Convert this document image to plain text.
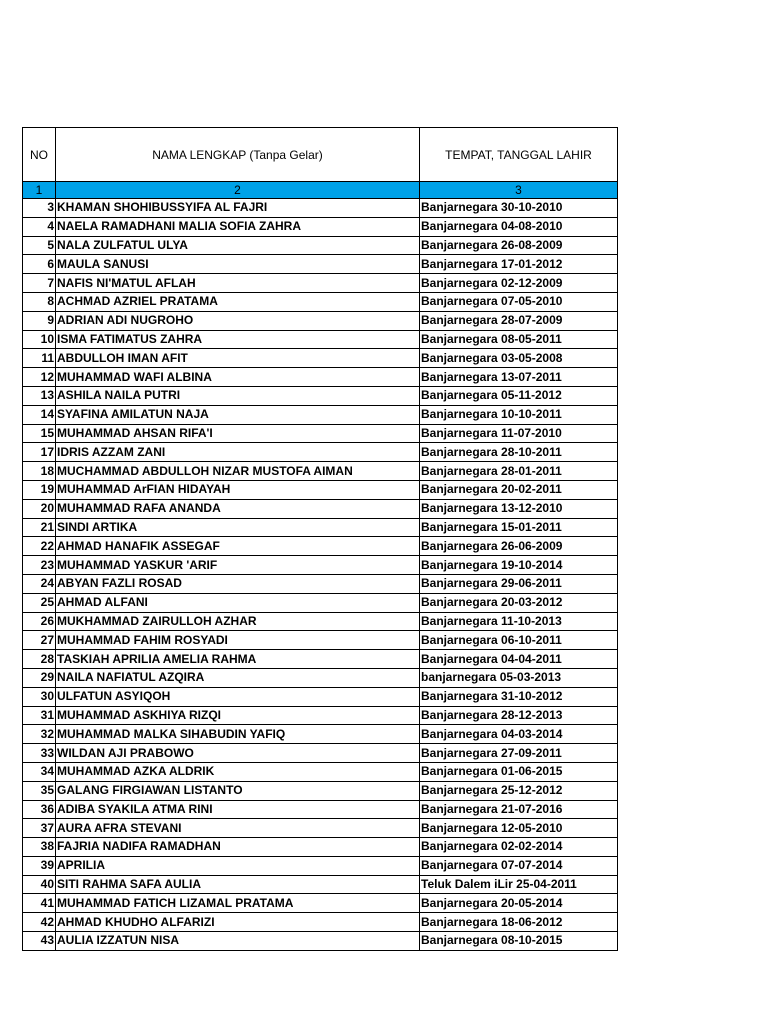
NO	NAMA LENGKAP (Tanpa Gelar)	TEMPAT, TANGGAL LAHIR
1	2	3
3	KHAMAN SHOHIBUSSYIFA AL FAJRI	Banjarnegara 30-10-2010
4	NAELA RAMADHANI MALIA SOFIA ZAHRA	Banjarnegara 04-08-2010
5	NALA ZULFATUL ULYA	Banjarnegara 26-08-2009
6	MAULA SANUSI	Banjarnegara 17-01-2012
7	NAFIS NI'MATUL AFLAH	Banjarnegara 02-12-2009
8	ACHMAD AZRIEL PRATAMA	Banjarnegara 07-05-2010
9	ADRIAN ADI NUGROHO	Banjarnegara 28-07-2009
10	ISMA FATIMATUS ZAHRA	Banjarnegara 08-05-2011
11	ABDULLOH IMAN AFIT	Banjarnegara 03-05-2008
12	MUHAMMAD WAFI ALBINA	Banjarnegara 13-07-2011
13	ASHILA NAILA PUTRI	Banjarnegara 05-11-2012
14	SYAFINA AMILATUN NAJA	Banjarnegara 10-10-2011
15	MUHAMMAD AHSAN RIFA'I	Banjarnegara 11-07-2010
17	IDRIS AZZAM ZANI	Banjarnegara 28-10-2011
18	MUCHAMMAD ABDULLOH NIZAR MUSTOFA AIMAN	Banjarnegara 28-01-2011
19	MUHAMMAD ArFIAN HIDAYAH	Banjarnegara 20-02-2011
20	MUHAMMAD RAFA ANANDA	Banjarnegara 13-12-2010
21	SINDI ARTIKA	Banjarnegara 15-01-2011
22	AHMAD HANAFIK ASSEGAF	Banjarnegara 26-06-2009
23	MUHAMMAD YASKUR 'ARIF	Banjarnegara 19-10-2014
24	ABYAN FAZLI ROSAD	Banjarnegara 29-06-2011
25	AHMAD ALFANI	Banjarnegara 20-03-2012
26	MUKHAMMAD ZAIRULLOH AZHAR	Banjarnegara 11-10-2013
27	MUHAMMAD FAHIM ROSYADI	Banjarnegara 06-10-2011
28	TASKIAH APRILIA AMELIA RAHMA	Banjarnegara 04-04-2011
29	NAILA NAFIATUL AZQIRA	banjarnegara 05-03-2013
30	ULFATUN ASYIQOH	Banjarnegara 31-10-2012
31	MUHAMMAD ASKHIYA RIZQI	Banjarnegara 28-12-2013
32	MUHAMMAD MALKA SIHABUDIN YAFIQ	Banjarnegara 04-03-2014
33	WILDAN AJI PRABOWO	Banjarnegara 27-09-2011
34	MUHAMMAD AZKA ALDRIK	Banjarnegara 01-06-2015
35	GALANG FIRGIAWAN LISTANTO	Banjarnegara 25-12-2012
36	ADIBA SYAKILA ATMA RINI	Banjarnegara 21-07-2016
37	AURA AFRA STEVANI	Banjarnegara 12-05-2010
38	FAJRIA NADIFA RAMADHAN	Banjarnegara 02-02-2014
39	APRILIA	Banjarnegara 07-07-2014
40	SITI RAHMA SAFA AULIA	Teluk Dalem iLir 25-04-2011
41	MUHAMMAD FATICH LIZAMAL PRATAMA	Banjarnegara 20-05-2014
42	AHMAD KHUDHO ALFARIZI	Banjarnegara 18-06-2012
43	AULIA IZZATUN NISA	Banjarnegara 08-10-2015
